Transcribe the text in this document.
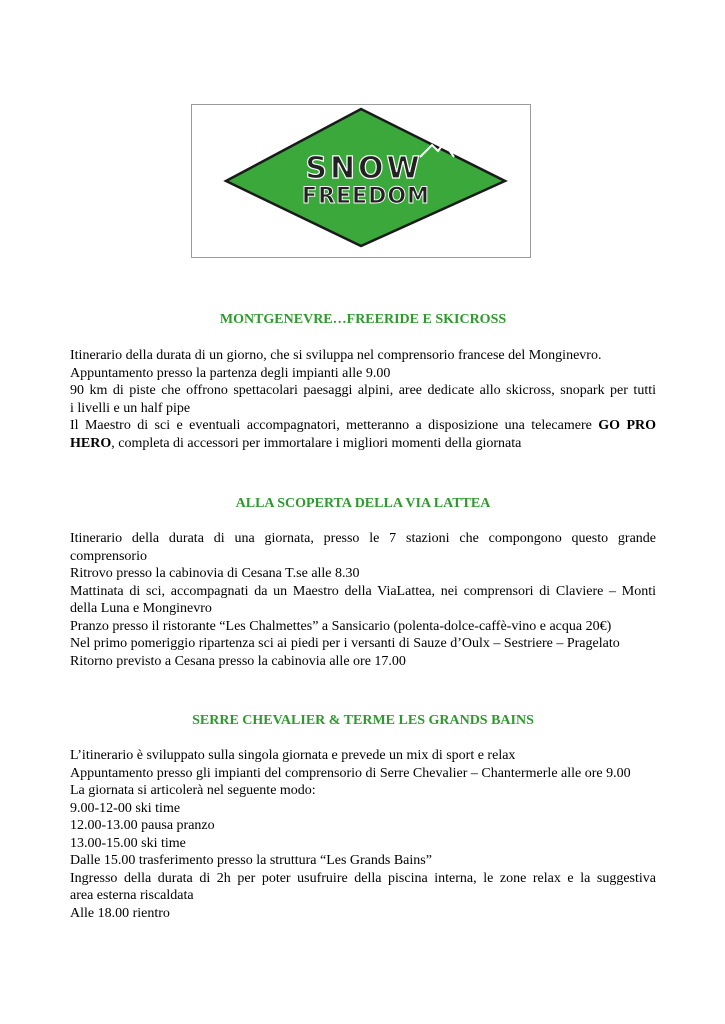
SNOW
FREEDOM
MONTGENEVRE…FREERIDE E SKICROSS
Itinerario della durata di un giorno, che si sviluppa nel comprensorio francese del Monginevro.
Appuntamento presso la partenza degli impianti alle 9.00
90 km di piste che offrono spettacolari paesaggi alpini, aree dedicate allo skicross, snopark per tutti
i livelli e un half pipe
Il Maestro di sci e eventuali accompagnatori, metteranno a disposizione una telecamere GO PRO
HERO, completa di accessori per immortalare i migliori momenti della giornata
ALLA SCOPERTA DELLA VIA LATTEA
Itinerario della durata di una giornata, presso le 7 stazioni che compongono questo grande
comprensorio
Ritrovo presso la cabinovia di Cesana T.se alle 8.30
Mattinata di sci, accompagnati da un Maestro della ViaLattea, nei comprensori di Claviere – Monti
della Luna e Monginevro
Pranzo presso il ristorante “Les Chalmettes” a Sansicario (polenta-dolce-caffè-vino e acqua 20€)
Nel primo pomeriggio ripartenza sci ai piedi per i versanti di Sauze d’Oulx – Sestriere – Pragelato
Ritorno previsto a Cesana presso la cabinovia alle ore 17.00
SERRE CHEVALIER & TERME LES GRANDS BAINS
L’itinerario è sviluppato sulla singola giornata e prevede un mix di sport e relax
Appuntamento presso gli impianti del comprensorio di Serre Chevalier – Chantermerle alle ore 9.00
La giornata si articolerà nel seguente modo:
9.00-12-00 ski time
12.00-13.00 pausa pranzo
13.00-15.00 ski time
Dalle 15.00 trasferimento presso la struttura “Les Grands Bains”
Ingresso della durata di 2h per poter usufruire della piscina interna, le zone relax e la suggestiva
area esterna riscaldata
Alle 18.00 rientro
